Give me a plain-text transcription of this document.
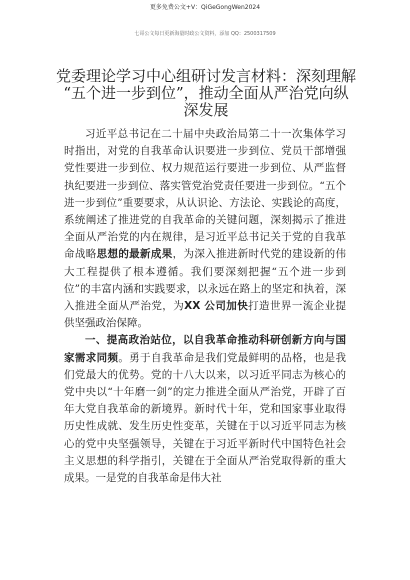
更多免费公文+V：QiGeGongWen2024
七哥公文每日更新海量时政公文资料，添加 QQ：2500317509
党委理论学习中心组研讨发言材料：深刻理解
“五个进一步到位”，推动全面从严治党向纵
深发展

习近平总书记在二十届中央政治局第二十一次集体学习时指出，对党的自我革命认识要进一步到位、党员干部增强党性要进一步到位、权力规范运行要进一步到位、从严监督执纪要进一步到位、落实管党治党责任要进一步到位。“五个进一步到位”重要要求，从认识论、方法论、实践论的高度，系统阐述了推进党的自我革命的关键问题，深刻揭示了推进全面从严治党的内在规律，是习近平总书记关于党的自我革命战略思想的最新成果，为深入推进新时代党的建设新的伟大工程提供了根本遵循。我们要深刻把握“五个进一步到位”的丰富内涵和实践要求，以永远在路上的坚定和执着，深入推进全面从严治党，为XX 公司加快打造世界一流企业提供坚强政治保障。

一、提高政治站位，以自我革命推动科研创新方向与国家需求同频。勇于自我革命是我们党最鲜明的品格，也是我们党最大的优势。党的十八大以来，以习近平同志为核心的党中央以“十年磨一剑”的定力推进全面从严治党，开辟了百年大党自我革命的新境界。新时代十年，党和国家事业取得历史性成就、发生历史性变革，关键在于以习近平同志为核心的党中央坚强领导，关键在于习近平新时代中国特色社会主义思想的科学指引，关键在于全面从严治党取得新的重大成果。一是党的自我革命是伟大社
